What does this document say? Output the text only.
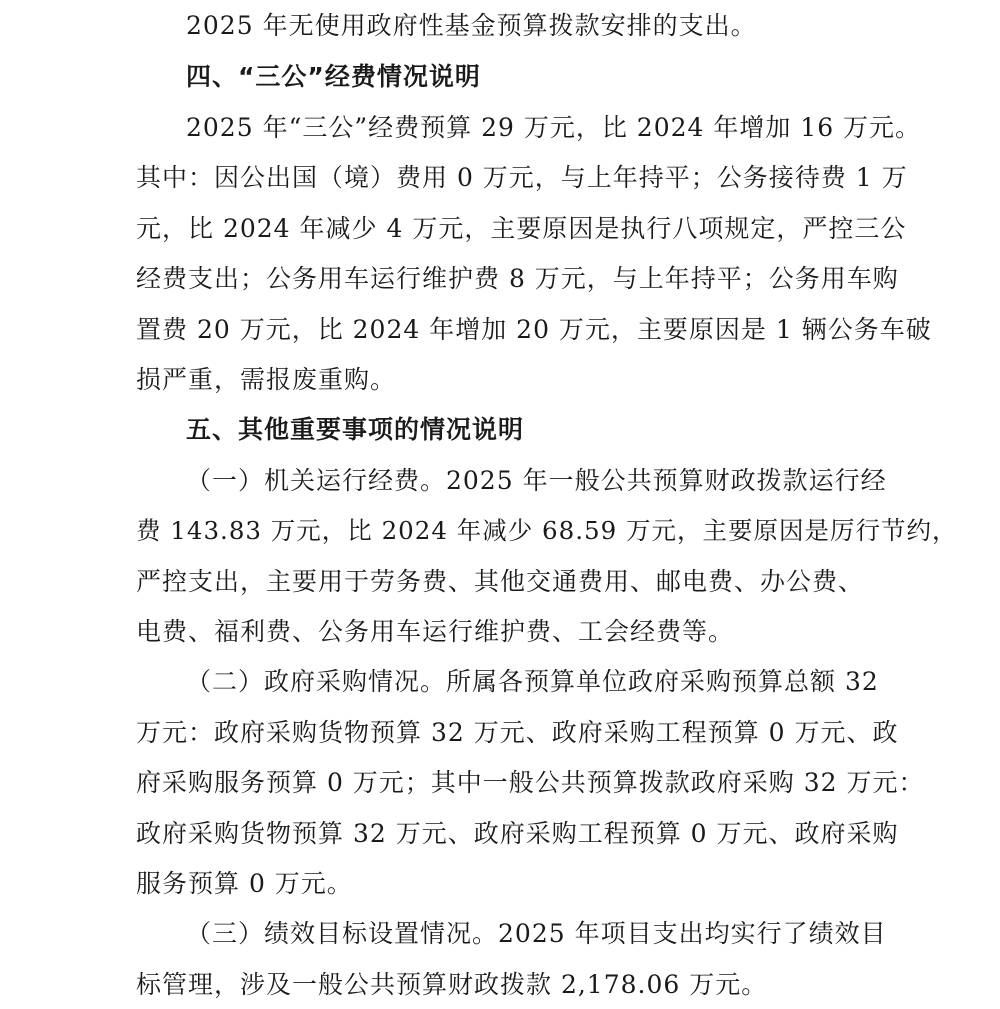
2025 年无使用政府性基金预算拨款安排的支出。
四、“三公”经费情况说明
2025 年“三公”经费预算 29 万元，比 2024 年增加 16 万元。
其中：因公出国（境）费用 0 万元，与上年持平；公务接待费 1 万
元，比 2024 年减少 4 万元，主要原因是执行八项规定，严控三公
经费支出；公务用车运行维护费 8 万元，与上年持平；公务用车购
置费 20 万元，比 2024 年增加 20 万元，主要原因是 1 辆公务车破
损严重，需报废重购。
五、其他重要事项的情况说明
（一）机关运行经费。2025 年一般公共预算财政拨款运行经
费 143.83 万元，比 2024 年减少 68.59 万元，主要原因是厉行节约，
严控支出，主要用于劳务费、其他交通费用、邮电费、办公费、
电费、福利费、公务用车运行维护费、工会经费等。
（二）政府采购情况。所属各预算单位政府采购预算总额 32
万元：政府采购货物预算 32 万元、政府采购工程预算 0 万元、政
府采购服务预算 0 万元；其中一般公共预算拨款政府采购 32 万元：
政府采购货物预算 32 万元、政府采购工程预算 0 万元、政府采购
服务预算 0 万元。
（三）绩效目标设置情况。2025 年项目支出均实行了绩效目
标管理，涉及一般公共预算财政拨款 2,178.06 万元。
